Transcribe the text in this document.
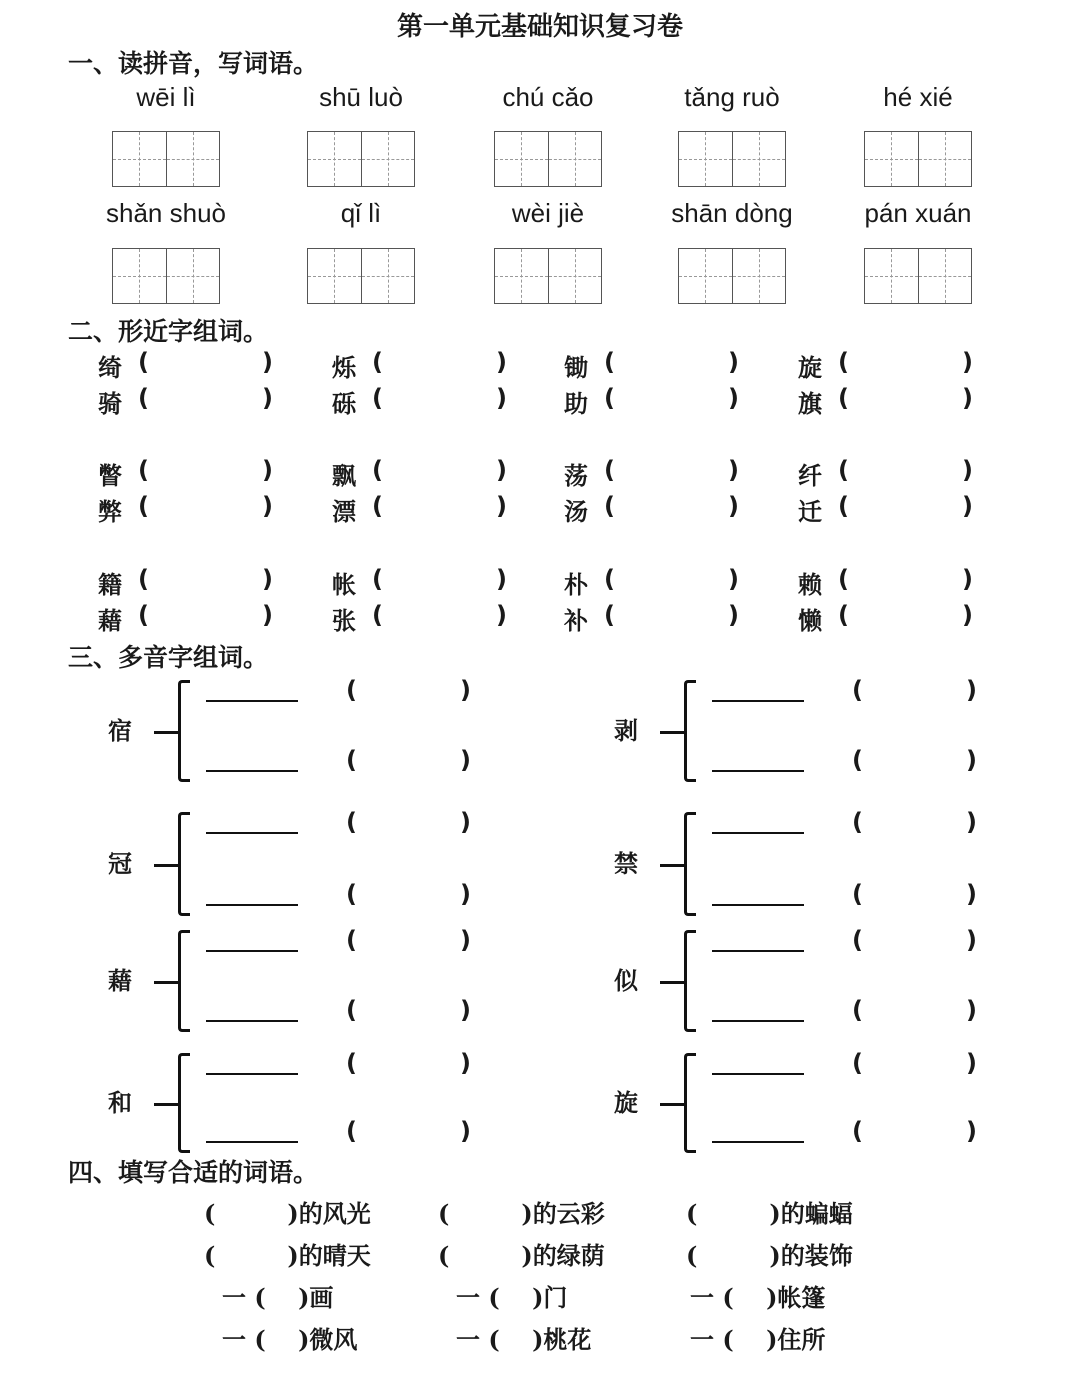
第一单元基础知识复习卷
一、读拼音，写词语。
wēi lì	shū luò	chú cǎo	tǎng ruò	hé xié
shǎn shuò	qǐ lì	wèi jiè	shān dòng	pán xuán
二、形近字组词。
绮 (	) 烁 (	) 锄 (	) 旋 (	)
骑 (	) 砾 (	) 助 (	) 旗 (	)
瞥 (	) 飘 (	) 荡 (	) 纤 (	)
弊 (	) 漂 (	) 汤 (	) 迁 (	)
籍 (	) 帐 (	) 朴 (	) 赖 (	)
藉 (	) 张 (	) 补 (	) 懒 (	)
三、多音字组词。
宿
(	)
(	)
剥
(	)
(	)
冠
(	)
(	)
禁
(	)
(	)
藉
(	)
(	)
似
(	)
(	)
和
(	)
(	)
旋
(	)
(	)
四、填写合适的词语。
(　　　)的风光	(　　　)的云彩	(　　　)的蝙蝠
(　　　)的晴天	(　　　)的绿荫	(　　　)的装饰
一 (　 )画	一 (　 )门	一 (　 )帐篷
一 (　 )微风	一 (　 )桃花	一 (　 )住所
